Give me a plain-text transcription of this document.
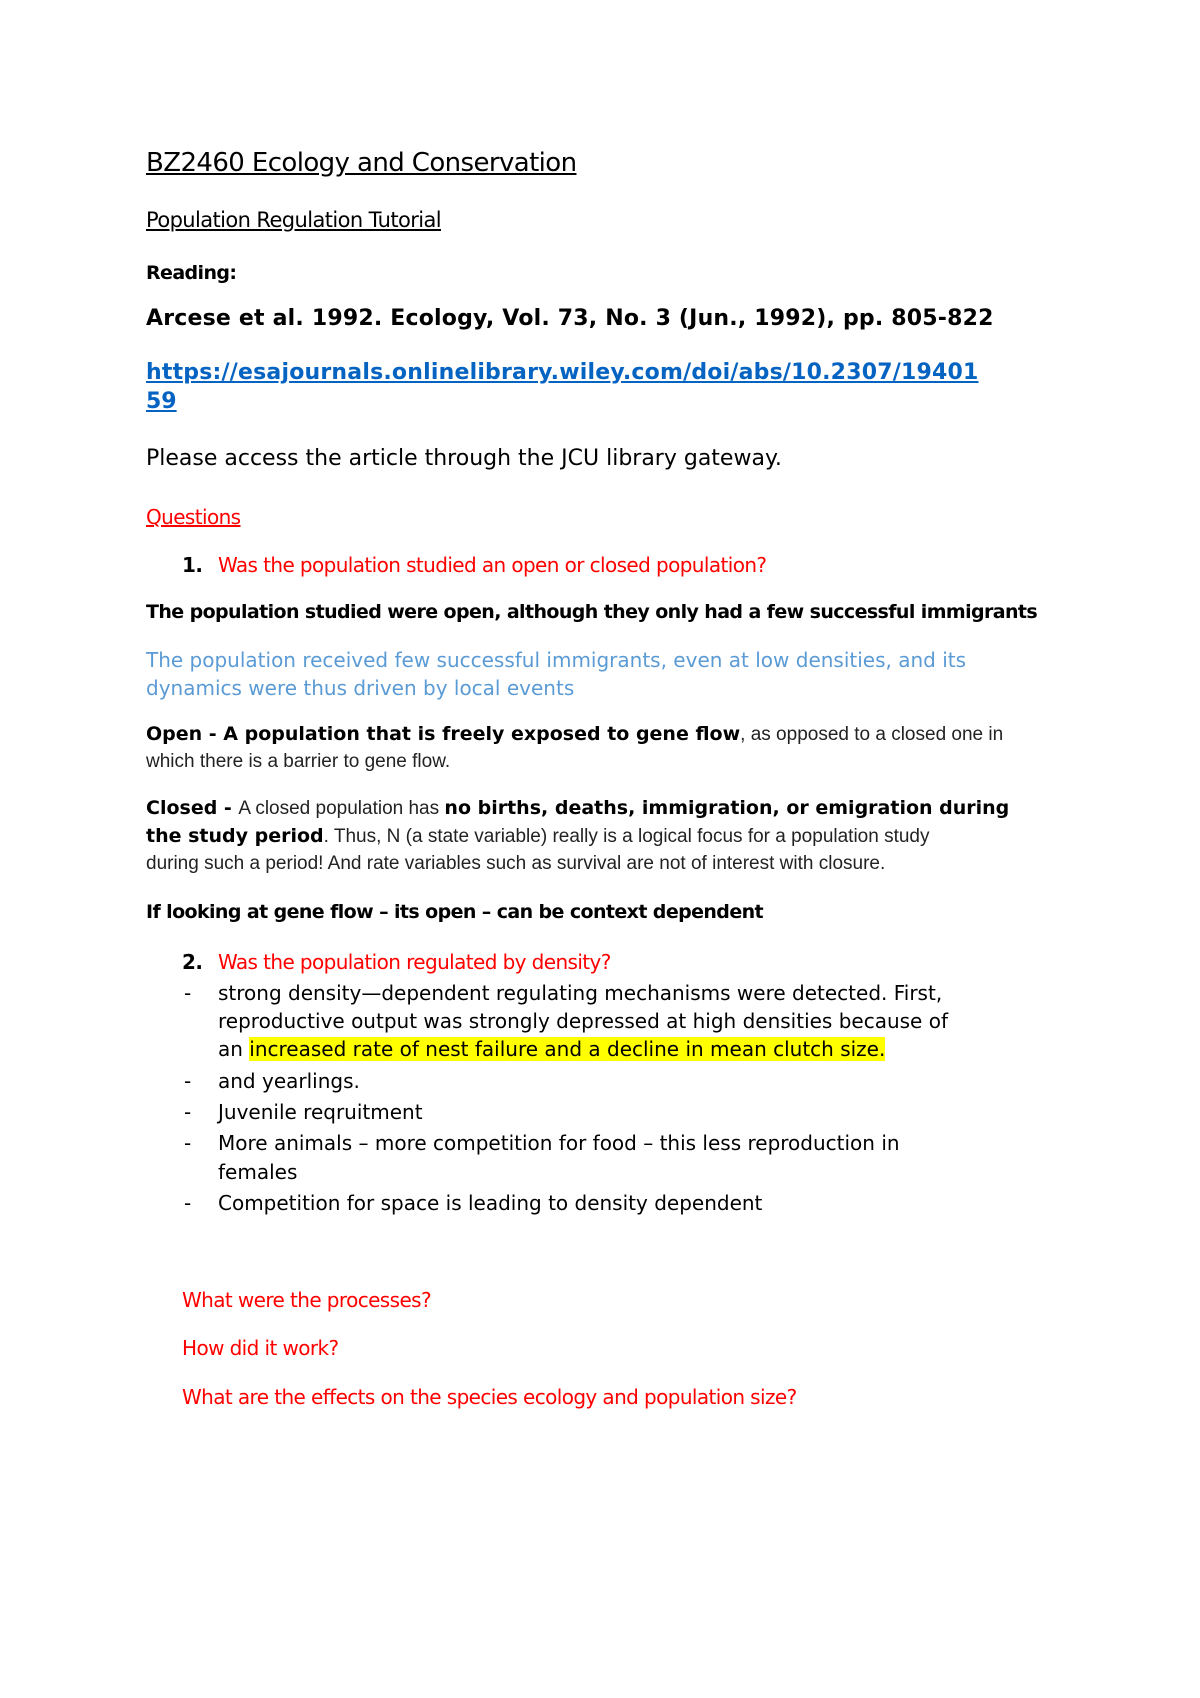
BZ2460 Ecology and Conservation
Population Regulation Tutorial
Reading:
Arcese et al. 1992. Ecology, Vol. 73, No. 3 (Jun., 1992), pp. 805-822
https://esajournals.onlinelibrary.wiley.com/doi/abs/10.2307/19401
59
Please access the article through the JCU library gateway.
Questions
1. Was the population studied an open or closed population?
The population studied were open, although they only had a few successful immigrants
The population received few successful immigrants, even at low densities, and its
dynamics were thus driven by local events
Open - A population that is freely exposed to gene flow, as opposed to a closed one in
which there is a barrier to gene flow.
Closed - A closed population has no births, deaths, immigration, or emigration during
the study period. Thus, N (a state variable) really is a logical focus for a population study
during such a period! And rate variables such as survival are not of interest with closure.
If looking at gene flow – its open – can be context dependent
2. Was the population regulated by density?
- strong density—dependent regulating mechanisms were detected. First,
reproductive output was strongly depressed at high densities because of
an increased rate of nest failure and a decline in mean clutch size.
- and yearlings.
- Juvenile reqruitment
- More animals – more competition for food – this less reproduction in
females
- Competition for space is leading to density dependent
What were the processes?
How did it work?
What are the effects on the species ecology and population size?
